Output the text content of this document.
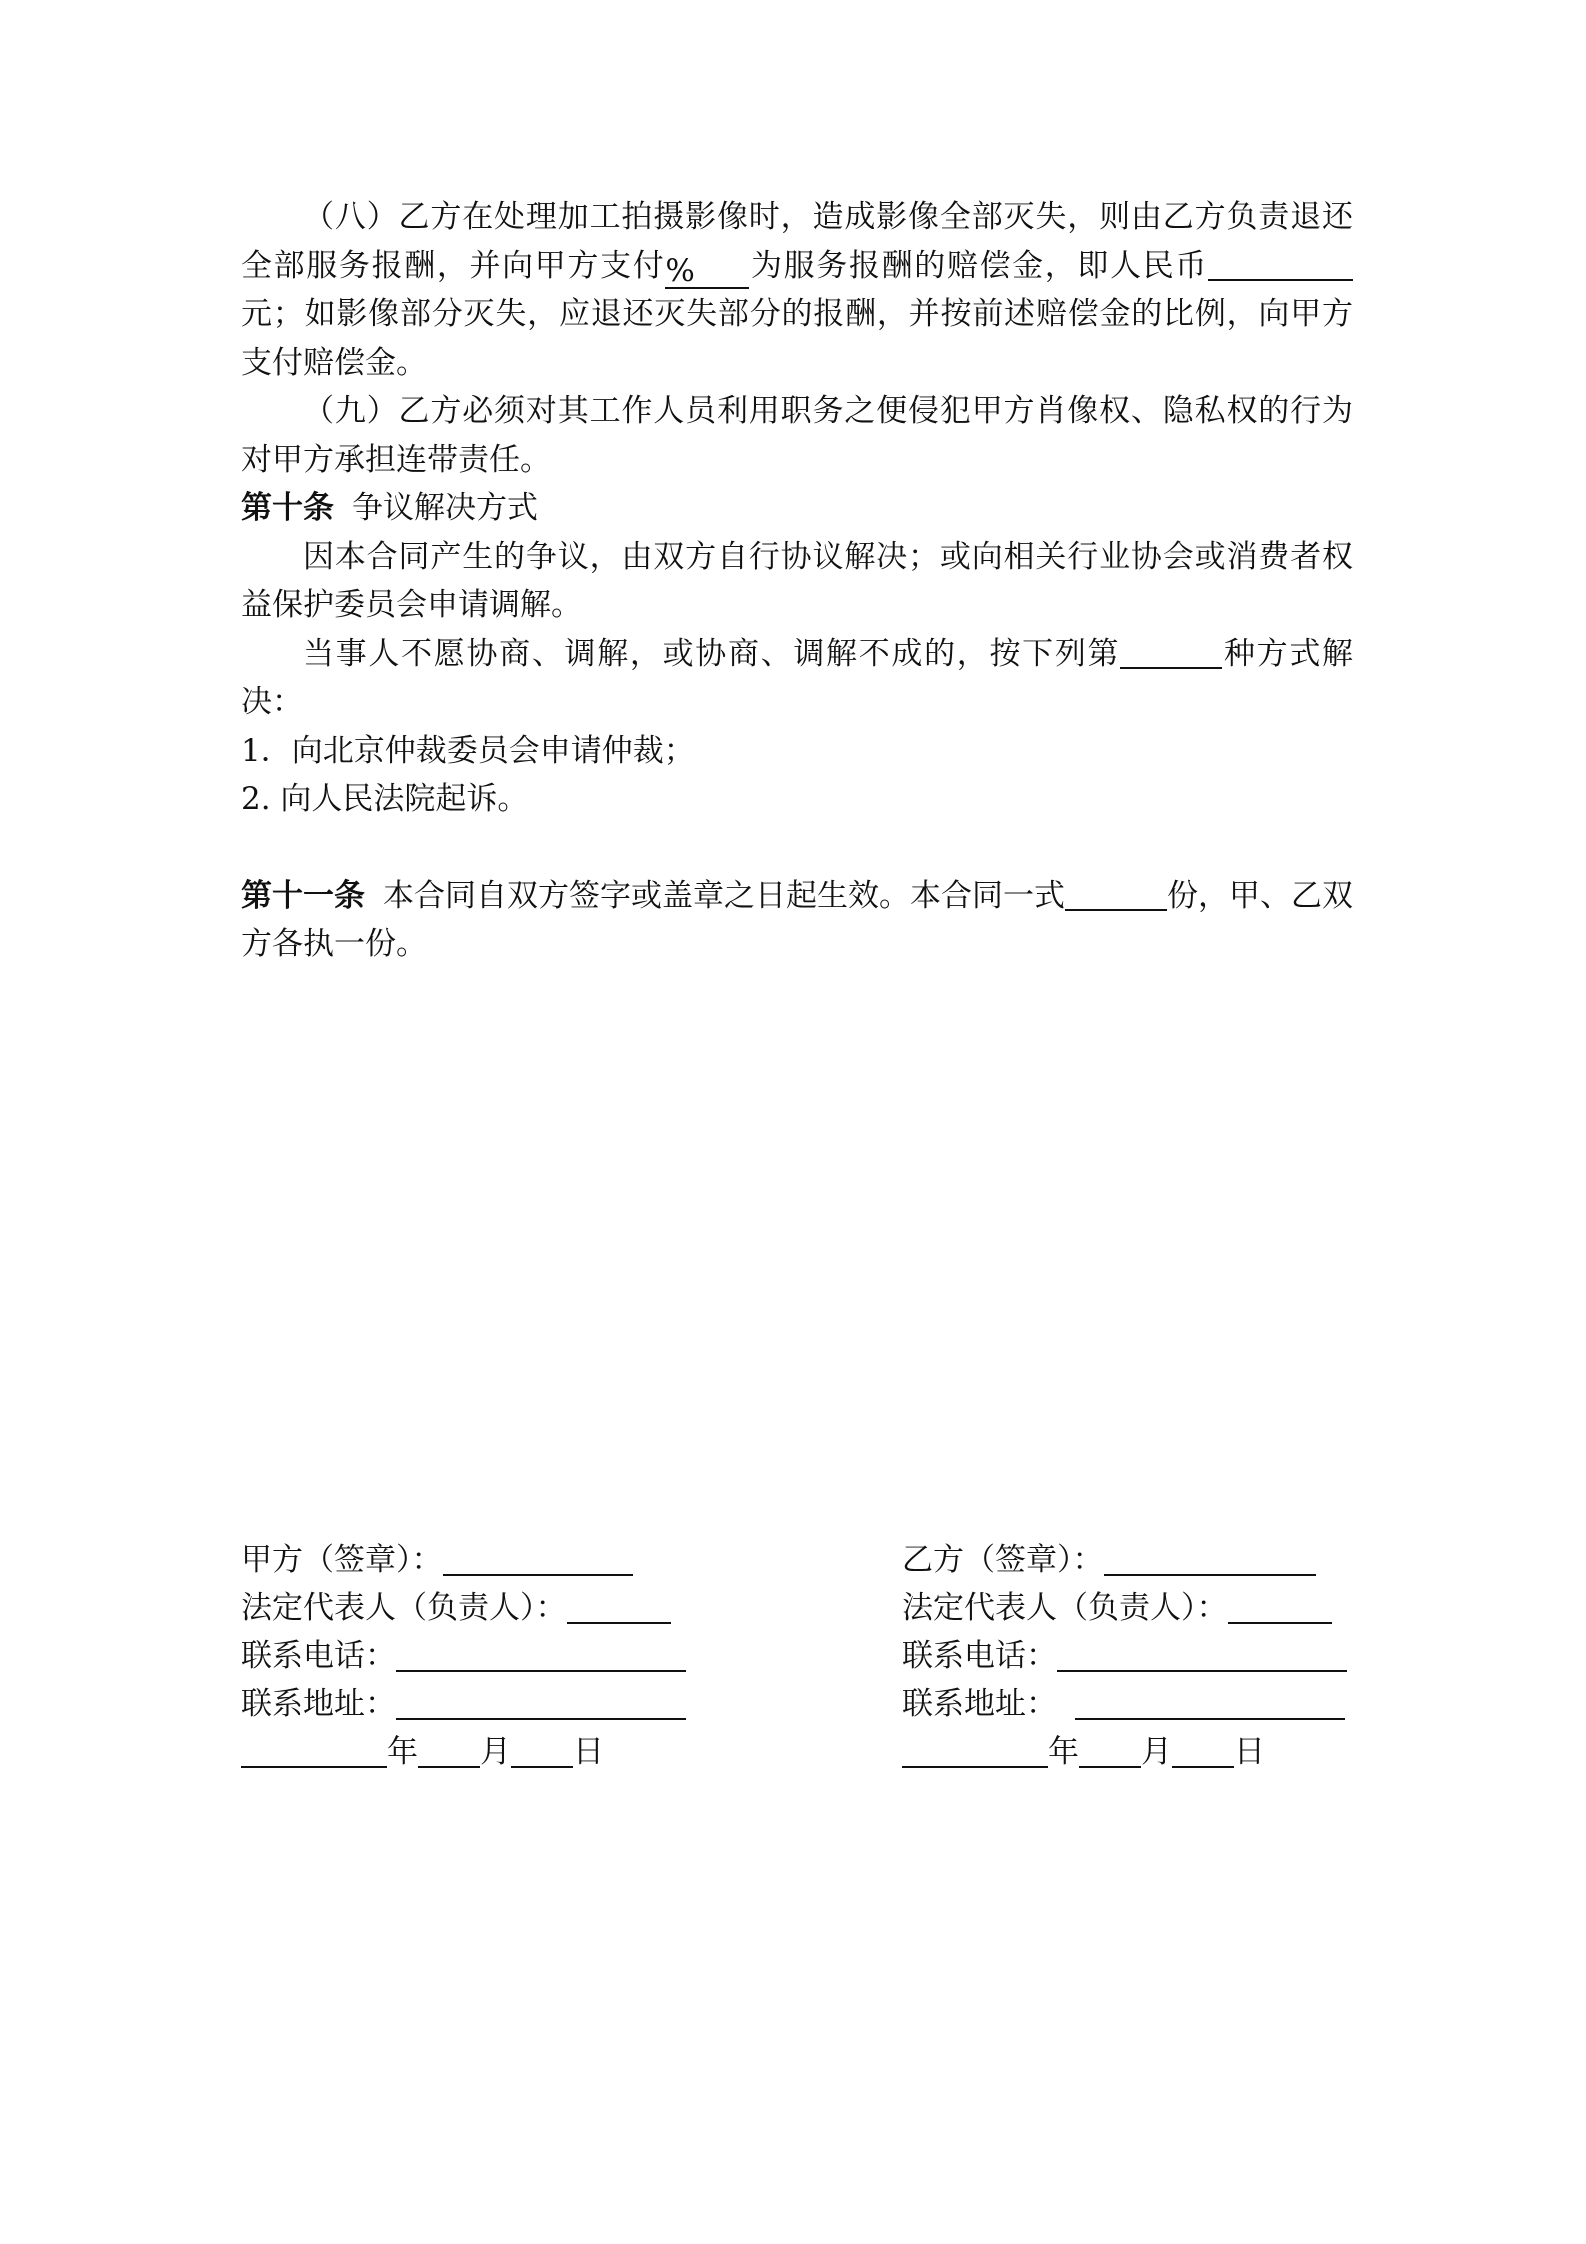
（八）乙方在处理加工拍摄影像时，造成影像全部灭失，则由乙方负责退还全部服务报酬，并向甲方支付% 为服务报酬的赔偿金，即人民币元；如影像部分灭失，应退还灭失部分的报酬，并按前述赔偿金的比例，向甲方支付赔偿金。
（九）乙方必须对其工作人员利用职务之便侵犯甲方肖像权、隐私权的行为对甲方承担连带责任。
第十条 争议解决方式
因本合同产生的争议，由双方自行协议解决；或向相关行业协会或消费者权益保护委员会申请调解。
当事人不愿协商、调解，或协商、调解不成的，按下列第	种方式解决：
1．向北京仲裁委员会申请仲裁；
2. 向人民法院起诉。
第十一条 本合同自双方签字或盖章之日起生效。本合同一式	份，甲、乙双方各执一份。
甲方（签章）：
法定代表人（负责人）：
联系电话：
联系地址：
年 月 日
乙方（签章）：
法定代表人（负责人）：
联系电话：
联系地址：
年 月 日
